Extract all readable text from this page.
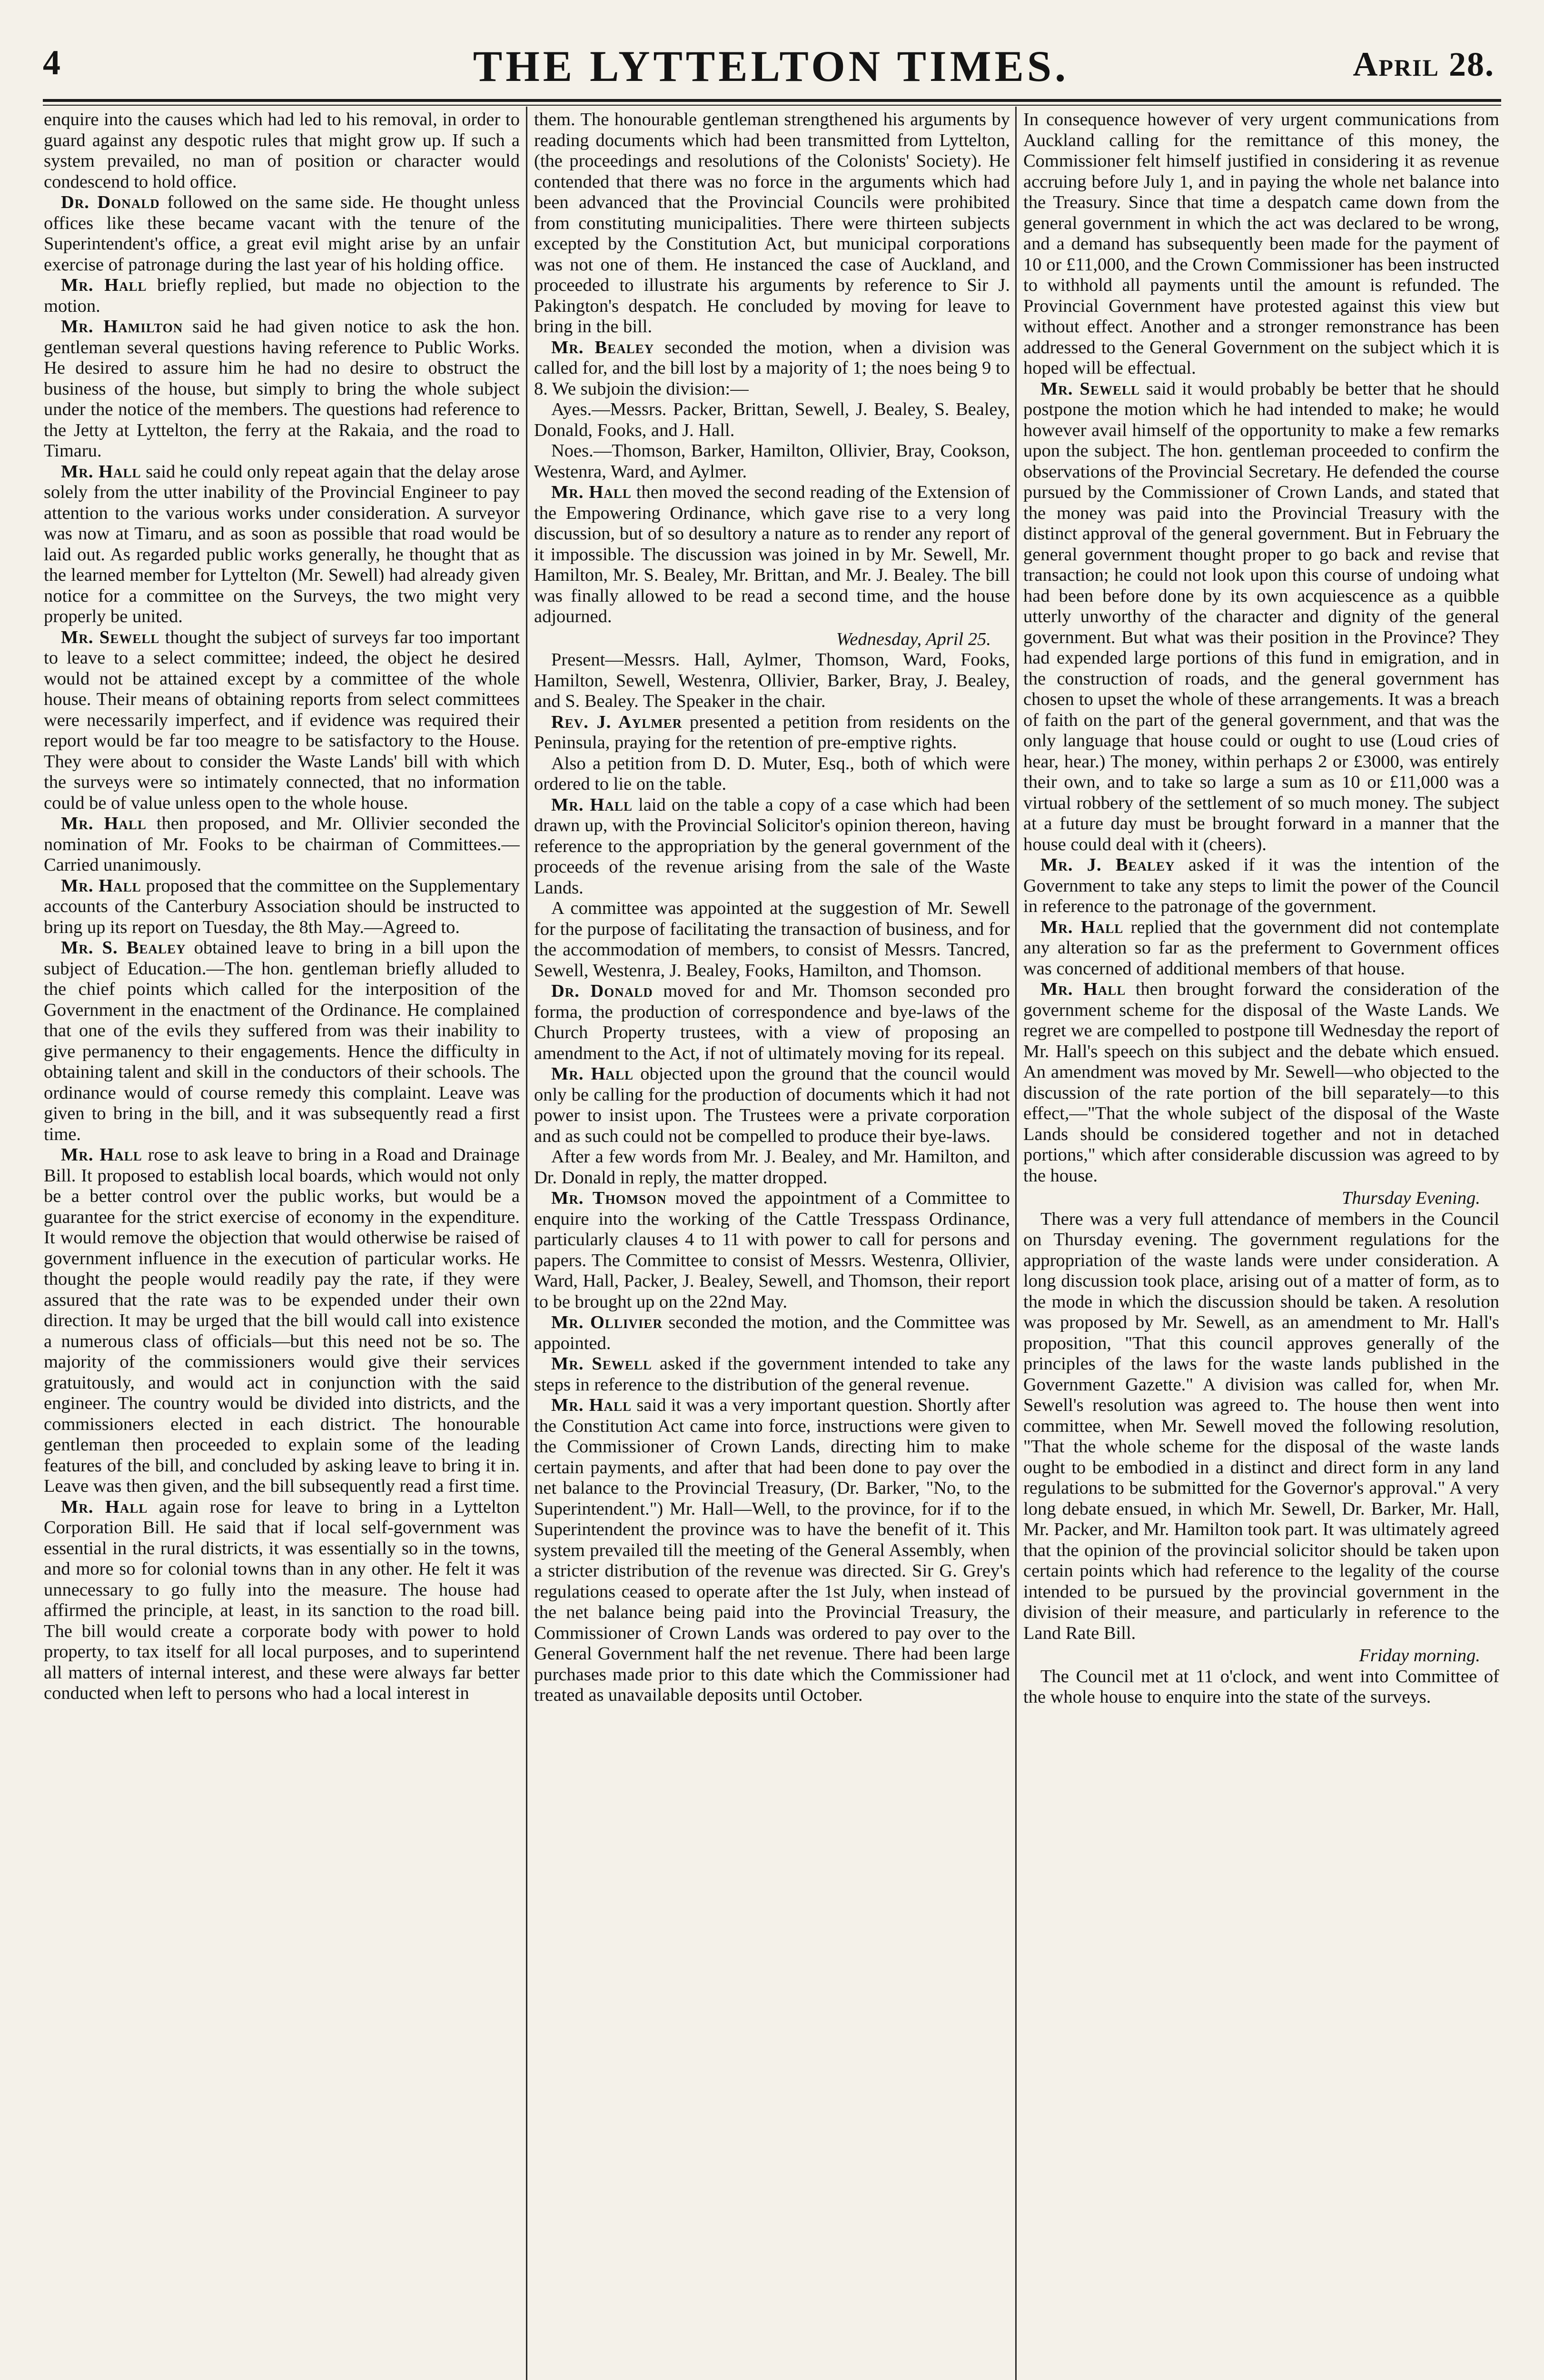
4	THE LYTTELTON TIMES.	April 28.

enquire into the causes which had led to his removal, in order to guard against any despotic rules that might grow up. If such a system prevailed, no man of position or character would condescend to hold office.

Dr. Donald followed on the same side. He thought unless offices like these became vacant with the tenure of the Superintendent's office, a great evil might arise by an unfair exercise of patronage during the last year of his holding office.

Mr. Hall briefly replied, but made no objection to the motion.

Mr. Hamilton said he had given notice to ask the hon. gentleman several questions having reference to Public Works. He desired to assure him he had no desire to obstruct the business of the house, but simply to bring the whole subject under the notice of the members. The questions had reference to the Jetty at Lyttelton, the ferry at the Rakaia, and the road to Timaru.

Mr. Hall said he could only repeat again that the delay arose solely from the utter inability of the Provincial Engineer to pay attention to the various works under consideration. A surveyor was now at Timaru, and as soon as possible that road would be laid out. As regarded public works generally, he thought that as the learned member for Lyttelton (Mr. Sewell) had already given notice for a committee on the Surveys, the two might very properly be united.

Mr. Sewell thought the subject of surveys far too important to leave to a select committee; indeed, the object he desired would not be attained except by a committee of the whole house. Their means of obtaining reports from select committees were necessarily imperfect, and if evidence was required their report would be far too meagre to be satisfactory to the House. They were about to consider the Waste Lands' bill with which the surveys were so intimately connected, that no information could be of value unless open to the whole house.

Mr. Hall then proposed, and Mr. Ollivier seconded the nomination of Mr. Fooks to be chairman of Committees.— Carried unanimously.

Mr. Hall proposed that the committee on the Supplementary accounts of the Canterbury Association should be instructed to bring up its report on Tuesday, the 8th May.—Agreed to.

Mr. S. Bealey obtained leave to bring in a bill upon the subject of Education.—The hon. gentleman briefly alluded to the chief points which called for the interposition of the Government in the enactment of the Ordinance. He complained that one of the evils they suffered from was their inability to give permanency to their engagements. Hence the difficulty in obtaining talent and skill in the conductors of their schools. The ordinance would of course remedy this complaint. Leave was given to bring in the bill, and it was subsequently read a first time.

Mr. Hall rose to ask leave to bring in a Road and Drainage Bill. It proposed to establish local boards, which would not only be a better control over the public works, but would be a guarantee for the strict exercise of economy in the expenditure. It would remove the objection that would otherwise be raised of government influence in the execution of particular works. He thought the people would readily pay the rate, if they were assured that the rate was to be expended under their own direction. It may be urged that the bill would call into existence a numerous class of officials—but this need not be so. The majority of the commissioners would give their services gratuitously, and would act in conjunction with the said engineer. The country would be divided into districts, and the commissioners elected in each district. The honourable gentleman then proceeded to explain some of the leading features of the bill, and concluded by asking leave to bring it in. Leave was then given, and the bill subsequently read a first time.

Mr. Hall again rose for leave to bring in a Lyttelton Corporation Bill. He said that if local self-government was essential in the rural districts, it was essentially so in the towns, and more so for colonial towns than in any other. He felt it was unnecessary to go fully into the measure. The house had affirmed the principle, at least, in its sanction to the road bill. The bill would create a corporate body with power to hold property, to tax itself for all local purposes, and to superintend all matters of internal interest, and these were always far better conducted when left to persons who had a local interest in

them. The honourable gentleman strengthened his arguments by reading documents which had been transmitted from Lyttelton, (the proceedings and resolutions of the Colonists' Society). He contended that there was no force in the arguments which had been advanced that the Provincial Councils were prohibited from constituting municipalities. There were thirteen subjects excepted by the Constitution Act, but municipal corporations was not one of them. He instanced the case of Auckland, and proceeded to illustrate his arguments by reference to Sir J. Pakington's despatch. He concluded by moving for leave to bring in the bill.

Mr. Bealey seconded the motion, when a division was called for, and the bill lost by a majority of 1; the noes being 9 to 8. We subjoin the division:—

Ayes.—Messrs. Packer, Brittan, Sewell, J. Bealey, S. Bealey, Donald, Fooks, and J. Hall.

Noes.—Thomson, Barker, Hamilton, Ollivier, Bray, Cookson, Westenra, Ward, and Aylmer.

Mr. Hall then moved the second reading of the Extension of the Empowering Ordinance, which gave rise to a very long discussion, but of so desultory a nature as to render any report of it impossible. The discussion was joined in by Mr. Sewell, Mr. Hamilton, Mr. S. Bealey, Mr. Brittan, and Mr. J. Bealey. The bill was finally allowed to be read a second time, and the house adjourned.

Wednesday, April 25.

Present—Messrs. Hall, Aylmer, Thomson, Ward, Fooks, Hamilton, Sewell, Westenra, Ollivier, Barker, Bray, J. Bealey, and S. Bealey. The Speaker in the chair.

Rev. J. Aylmer presented a petition from residents on the Peninsula, praying for the retention of pre-emptive rights.

Also a petition from D. D. Muter, Esq., both of which were ordered to lie on the table.

Mr. Hall laid on the table a copy of a case which had been drawn up, with the Provincial Solicitor's opinion thereon, having reference to the appropriation by the general government of the proceeds of the revenue arising from the sale of the Waste Lands.

A committee was appointed at the suggestion of Mr. Sewell for the purpose of facilitating the transaction of business, and for the accommodation of members, to consist of Messrs. Tancred, Sewell, Westenra, J. Bealey, Fooks, Hamilton, and Thomson.

Dr. Donald moved for and Mr. Thomson seconded pro forma, the production of correspondence and bye-laws of the Church Property trustees, with a view of proposing an amendment to the Act, if not of ultimately moving for its repeal.

Mr. Hall objected upon the ground that the council would only be calling for the production of documents which it had not power to insist upon. The Trustees were a private corporation and as such could not be compelled to produce their bye-laws.

After a few words from Mr. J. Bealey, and Mr. Hamilton, and Dr. Donald in reply, the matter dropped.

Mr. Thomson moved the appointment of a Committee to enquire into the working of the Cattle Tresspass Ordinance, particularly clauses 4 to 11 with power to call for persons and papers. The Committee to consist of Messrs. Westenra, Ollivier, Ward, Hall, Packer, J. Bealey, Sewell, and Thomson, their report to be brought up on the 22nd May.

Mr. Ollivier seconded the motion, and the Committee was appointed.

Mr. Sewell asked if the government intended to take any steps in reference to the distribution of the general revenue.

Mr. Hall said it was a very important question. Shortly after the Constitution Act came into force, instructions were given to the Commissioner of Crown Lands, directing him to make certain payments, and after that had been done to pay over the net balance to the Provincial Treasury, (Dr. Barker, "No, to the Superintendent.") Mr. Hall—Well, to the province, for if to the Superintendent the province was to have the benefit of it. This system prevailed till the meeting of the General Assembly, when a stricter distribution of the revenue was directed. Sir G. Grey's regulations ceased to operate after the 1st July, when instead of the net balance being paid into the Provincial Treasury, the Commissioner of Crown Lands was ordered to pay over to the General Government half the net revenue. There had been large purchases made prior to this date which the Commissioner had treated as unavailable deposits until October.

In consequence however of very urgent communications from Auckland calling for the remittance of this money, the Commissioner felt himself justified in considering it as revenue accruing before July 1, and in paying the whole net balance into the Treasury. Since that time a despatch came down from the general government in which the act was declared to be wrong, and a demand has subsequently been made for the payment of 10 or £11,000, and the Crown Commissioner has been instructed to withhold all payments until the amount is refunded. The Provincial Government have protested against this view but without effect. Another and a stronger remonstrance has been addressed to the General Government on the subject which it is hoped will be effectual.

Mr. Sewell said it would probably be better that he should postpone the motion which he had intended to make; he would however avail himself of the opportunity to make a few remarks upon the subject. The hon. gentleman proceeded to confirm the observations of the Provincial Secretary. He defended the course pursued by the Commissioner of Crown Lands, and stated that the money was paid into the Provincial Treasury with the distinct approval of the general government. But in February the general government thought proper to go back and revise that transaction; he could not look upon this course of undoing what had been before done by its own acquiescence as a quibble utterly unworthy of the character and dignity of the general government. But what was their position in the Province? They had expended large portions of this fund in emigration, and in the construction of roads, and the general government has chosen to upset the whole of these arrangements. It was a breach of faith on the part of the general government, and that was the only language that house could or ought to use (Loud cries of hear, hear.) The money, within perhaps 2 or £3000, was entirely their own, and to take so large a sum as 10 or £11,000 was a virtual robbery of the settlement of so much money. The subject at a future day must be brought forward in a manner that the house could deal with it (cheers).

Mr. J. Bealey asked if it was the intention of the Government to take any steps to limit the power of the Council in reference to the patronage of the government.

Mr. Hall replied that the government did not contemplate any alteration so far as the preferment to Government offices was concerned of additional members of that house.

Mr. Hall then brought forward the consideration of the government scheme for the disposal of the Waste Lands. We regret we are compelled to postpone till Wednesday the report of Mr. Hall's speech on this subject and the debate which ensued. An amendment was moved by Mr. Sewell—who objected to the discussion of the rate portion of the bill separately—to this effect,—"That the whole subject of the disposal of the Waste Lands should be considered together and not in detached portions," which after considerable discussion was agreed to by the house.

Thursday Evening.

There was a very full attendance of members in the Council on Thursday evening. The government regulations for the appropriation of the waste lands were under consideration. A long discussion took place, arising out of a matter of form, as to the mode in which the discussion should be taken. A resolution was proposed by Mr. Sewell, as an amendment to Mr. Hall's proposition, "That this council approves generally of the principles of the laws for the waste lands published in the Government Gazette." A division was called for, when Mr. Sewell's resolution was agreed to. The house then went into committee, when Mr. Sewell moved the following resolution, "That the whole scheme for the disposal of the waste lands ought to be embodied in a distinct and direct form in any land regulations to be submitted for the Governor's approval." A very long debate ensued, in which Mr. Sewell, Dr. Barker, Mr. Hall, Mr. Packer, and Mr. Hamilton took part. It was ultimately agreed that the opinion of the provincial solicitor should be taken upon certain points which had reference to the legality of the course intended to be pursued by the provincial government in the division of their measure, and particularly in reference to the Land Rate Bill.

Friday morning.

The Council met at 11 o'clock, and went into Committee of the whole house to enquire into the state of the surveys.
